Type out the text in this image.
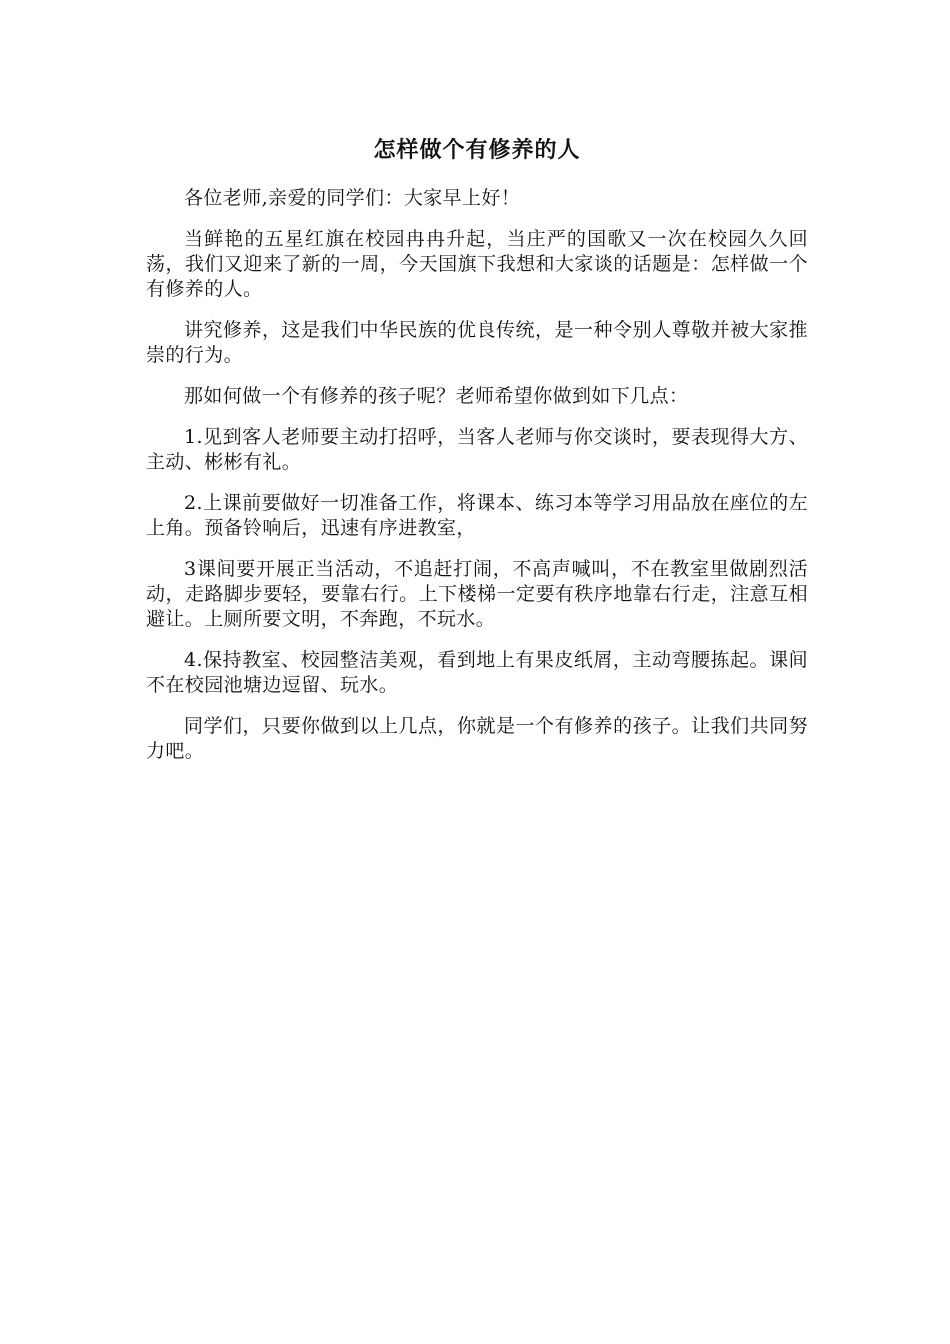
怎样做个有修养的人

各位老师,亲爱的同学们：大家早上好！

当鲜艳的五星红旗在校园冉冉升起，当庄严的国歌又一次在校园久久回荡，我们又迎来了新的一周，今天国旗下我想和大家谈的话题是：怎样做一个有修养的人。

讲究修养，这是我们中华民族的优良传统，是一种令别人尊敬并被大家推崇的行为。

那如何做一个有修养的孩子呢？老师希望你做到如下几点：

1.见到客人老师要主动打招呼，当客人老师与你交谈时，要表现得大方、主动、彬彬有礼。

2.上课前要做好一切准备工作，将课本、练习本等学习用品放在座位的左上角。预备铃响后，迅速有序进教室，

3课间要开展正当活动，不追赶打闹，不高声喊叫，不在教室里做剧烈活动，走路脚步要轻，要靠右行。上下楼梯一定要有秩序地靠右行走，注意互相避让。上厕所要文明，不奔跑，不玩水。

4.保持教室、校园整洁美观，看到地上有果皮纸屑，主动弯腰拣起。课间不在校园池塘边逗留、玩水。

同学们，只要你做到以上几点，你就是一个有修养的孩子。让我们共同努力吧。
